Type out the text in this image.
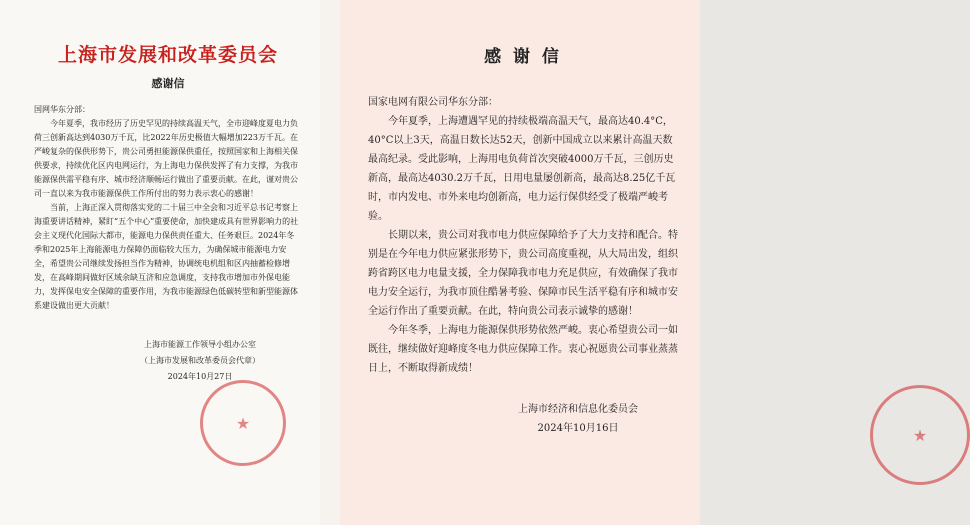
上海市发展和改革委员会
感谢信

国网华东分部：

今年夏季，我市经历了历史罕见的持续高温天气，全市迎峰度夏电力负荷三创新高达到4030万千瓦，比2022年历史极值大幅增加223万千瓦。在严峻复杂的保供形势下，贵公司勇担能源保供重任，按照国家和上海相关保供要求，持续优化区内电网运行，为上海电力保供发挥了有力支撑，为我市能源保供需平稳有序、城市经济顺畅运行做出了重要贡献。在此，谨对贵公司一直以来为我市能源保供工作所付出的努力表示衷心的感谢！

当前，上海正深入贯彻落实党的二十届三中全会和习近平总书记考察上海重要讲话精神，紧盯“五个中心”重要使命，加快建成具有世界影响力的社会主义现代化国际大都市，能源电力保供责任重大、任务艰巨。2024年冬季和2025年上海能源电力保障仍面临较大压力，为确保城市能源电力安全，希望贵公司继续发扬担当作为精神，协调统电机组和区内抽蓄检修增发，在高峰期间做好区域余缺互济和应急调度，支持我市增加市外保电能力，发挥保电安全保障的重要作用，为我市能源绿色低碳转型和新型能源体系建设做出更大贡献！

上海市能源工作领导小组办公室

（上海市发展和改革委员会代章）

2024年10月27日

★
感 谢 信

国家电网有限公司华东分部：

今年夏季，上海遭遇罕见的持续极端高温天气，最高达40.4°C，40°C以上3天，高温日数长达52天，创新中国成立以来累计高温天数最高纪录。受此影响，上海用电负荷首次突破4000万千瓦，三创历史新高，最高达4030.2万千瓦，日用电量屡创新高，最高达8.25亿千瓦时，市内发电、市外来电均创新高，电力运行保供经受了极端严峻考验。

长期以来，贵公司对我市电力供应保障给予了大力支持和配合。特别是在今年电力供应紧张形势下，贵公司高度重视，从大局出发，组织跨省跨区电力电量支援，全力保障我市电力充足供应，有效确保了我市电力安全运行，为我市顶住酷暑考验、保障市民生活平稳有序和城市安全运行作出了重要贡献。在此，特向贵公司表示诚挚的感谢！

今年冬季，上海电力能源保供形势依然严峻。衷心希望贵公司一如既往，继续做好迎峰度冬电力供应保障工作。衷心祝愿贵公司事业蒸蒸日上，不断取得新成绩！

上海市经济和信息化委员会

2024年10月16日	★
